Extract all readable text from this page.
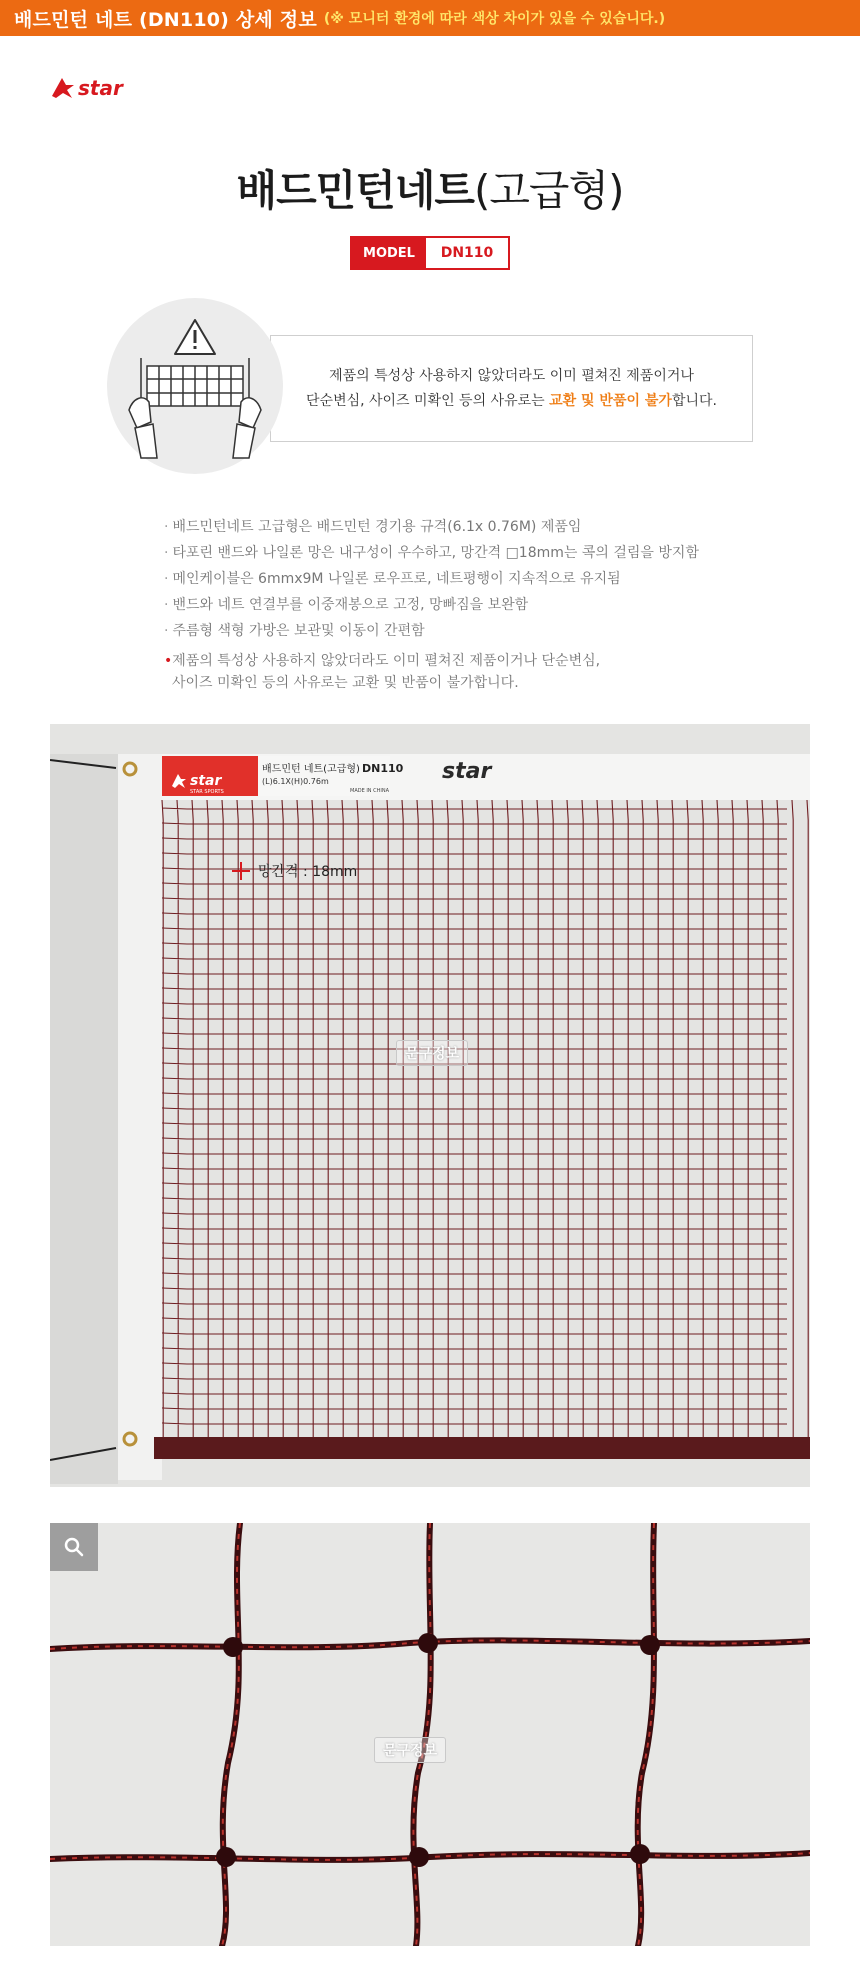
배드민턴 네트 (DN110) 상세 정보 (※ 모니터 환경에 따라 색상 차이가 있을 수 있습니다.)
star
배드민턴네트(고급형)
MODEL	DN110
제품의 특성상 사용하지 않았더라도 이미 펼쳐진 제품이거나
단순변심, 사이즈 미확인 등의 사유로는 교환 및 반품이 불가합니다.
· 배드민턴네트 고급형은 배드민턴 경기용 규격(6.1x 0.76M) 제품임
· 타포린 밴드와 나일론 망은 내구성이 우수하고, 망간격 □18mm는 콕의 걸림을 방지함
· 메인케이블은 6mmx9M 나일론 로우프로, 네트평행이 지속적으로 유지됨
· 밴드와 네트 연결부를 이중재봉으로 고정, 망빠짐을 보완함
· 주름형 색형 가방은 보관및 이동이 간편함
•제품의 특성상 사용하지 않았더라도 이미 펼쳐진 제품이거나 단순변심,
사이즈 미확인 등의 사유로는 교환 및 반품이 불가합니다.
star
STAR SPORTS
배드민턴 네트(고급형) DN110
(L)6.1X(H)0.76m
MADE IN CHINA
star
망간격 : 18mm
문구정보
문구정보
